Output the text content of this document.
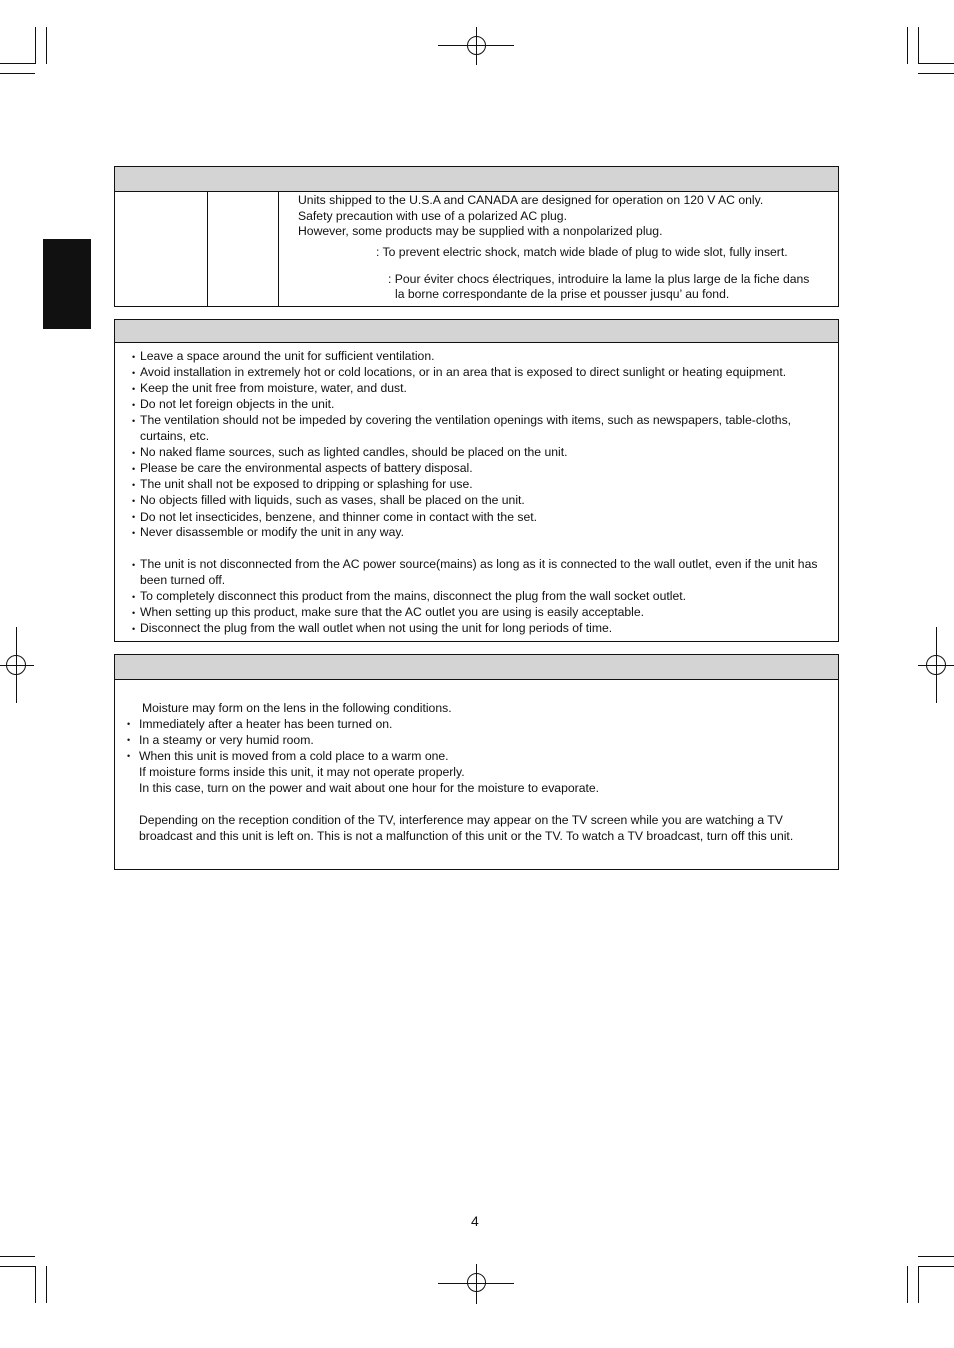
Units shipped to the U.S.A and CANADA are designed for operation on 120 V AC only.
Safety precaution with use of a polarized AC plug.
However, some products may be supplied with a nonpolarized plug.
: To prevent electric shock, match wide blade of plug to wide slot, fully insert.
: Pour éviter chocs électriques, introduire la lame la plus large de la fiche dans
la borne correspondante de la prise et pousser jusqu’ au fond.
• Leave a space around the unit for sufficient ventilation.
• Avoid installation in extremely hot or cold locations, or in an area that is exposed to direct sunlight or heating equipment.
• Keep the unit free from moisture, water, and dust.
• Do not let foreign objects in the unit.
• The ventilation should not be impeded by covering the ventilation openings with items, such as newspapers, table-cloths,
curtains, etc.
• No naked flame sources, such as lighted candles, should be placed on the unit.
• Please be care the environmental aspects of battery disposal.
• The unit shall not be exposed to dripping or splashing for use.
• No objects filled with liquids, such as vases, shall be placed on the unit.
• Do not let insecticides, benzene, and thinner come in contact with the set.
• Never disassemble or modify the unit in any way.
• The unit is not disconnected from the AC power source(mains) as long as it is connected to the wall outlet, even if the unit has
been turned off.
• To completely disconnect this product from the mains, disconnect the plug from the wall socket outlet.
• When setting up this product, make sure that the AC outlet you are using is easily acceptable.
• Disconnect the plug from the wall outlet when not using the unit for long periods of time.
Moisture may form on the lens in the following conditions.
• Immediately after a heater has been turned on.
• In a steamy or very humid room.
• When this unit is moved from a cold place to a warm one.
If moisture forms inside this unit, it may not operate properly.
In this case, turn on the power and wait about one hour for the moisture to evaporate.
Depending on the reception condition of the TV, interference may appear on the TV screen while you are watching a TV
broadcast and this unit is left on. This is not a malfunction of this unit or the TV. To watch a TV broadcast, turn off this unit.
4
